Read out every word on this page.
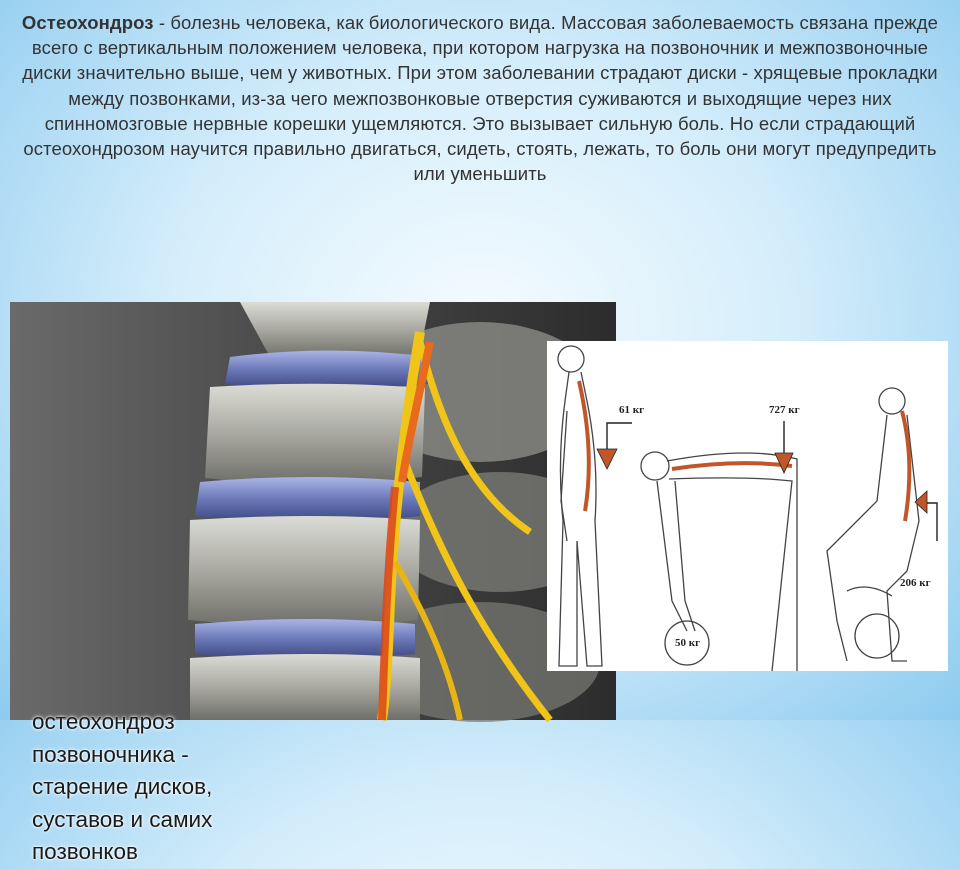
Остеохондроз - болезнь человека, как биологического вида. Массовая заболеваемость связана прежде всего с вертикальным положением человека, при котором нагрузка на позвоночник и межпозвоночные диски значительно выше, чем у животных. При этом заболевании страдают диски - хрящевые прокладки между позвонками, из-за чего межпозвонковые отверстия суживаются и выходящие через них спинномозговые нервные корешки ущемляются. Это вызывает сильную боль. Но если страдающий остеохондрозом научится правильно двигаться, сидеть, стоять, лежать, то боль они могут предупредить или уменьшить
остеохондроз позвоночника - старение дисков, суставов и самих позвонков
61 кг	727 кг
50 кг
206 кг
